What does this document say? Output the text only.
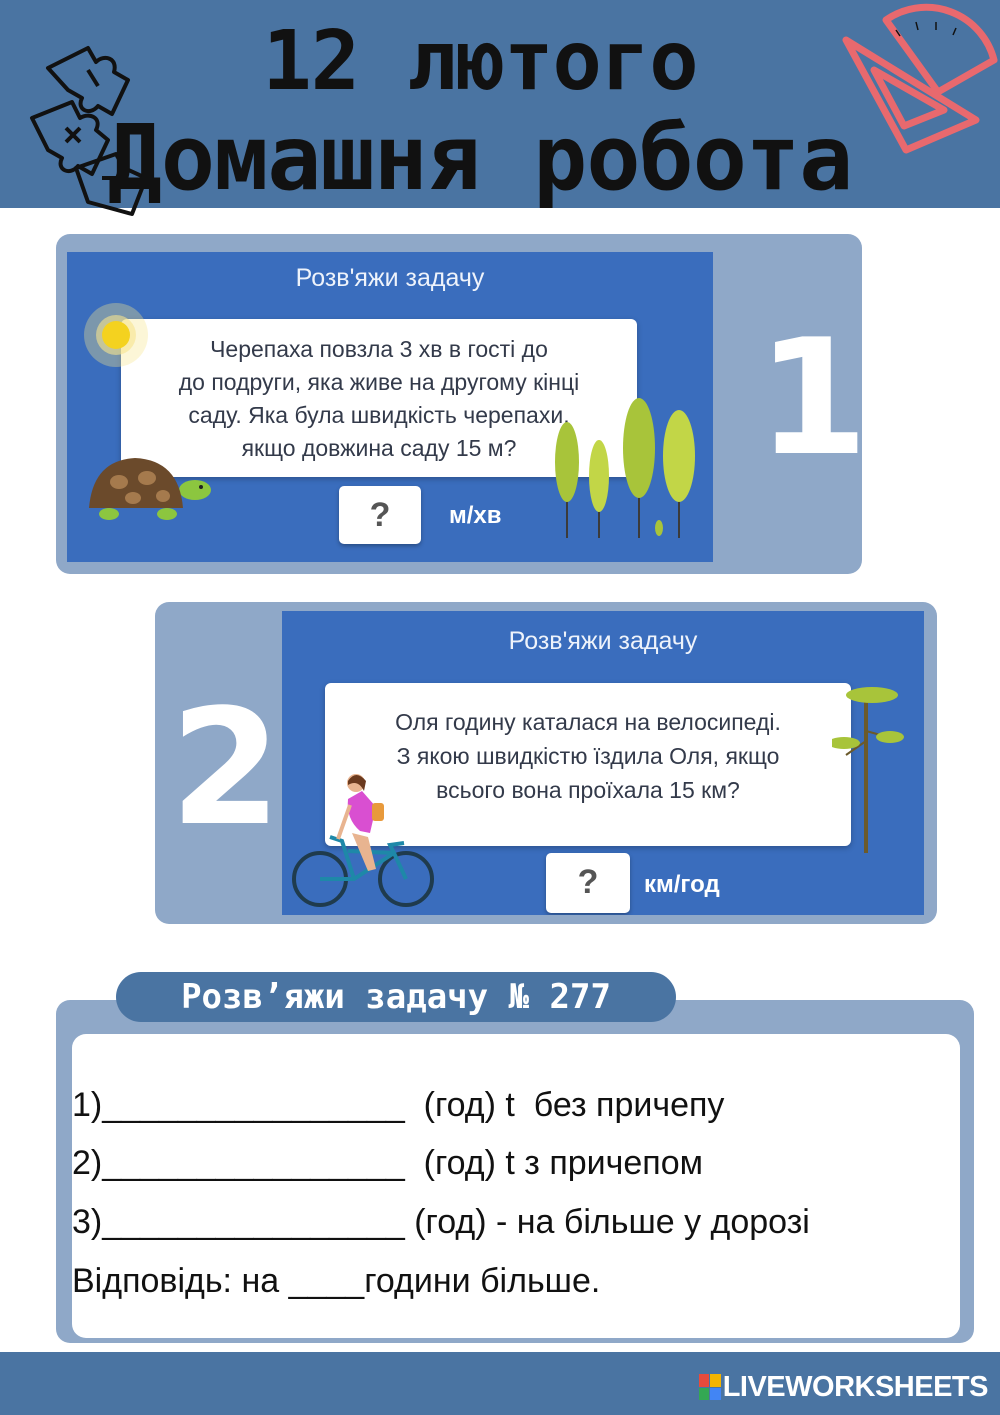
12 лютого
Домашня робота
Розв'яжи задачу
Черепаха повзла 3 хв в гості до
до подруги, яка живе на другому кінці
саду. Яка була швидкість черепахи,
якщо довжина саду 15 м?
?	м/хв
1
Розв'яжи задачу
Оля годину каталася на велосипеді.
З якою швидкістю їздила Оля, якщо
всього вона проїхала 15 км?
?	км/год
2
Розв’яжи задачу № 277
1)________________  (год) t  без причепу
2)________________  (год) t з причепом
3)________________ (год) - на більше у дорозі
Відповідь: на ____години більше.
LIVEWORKSHEETS
